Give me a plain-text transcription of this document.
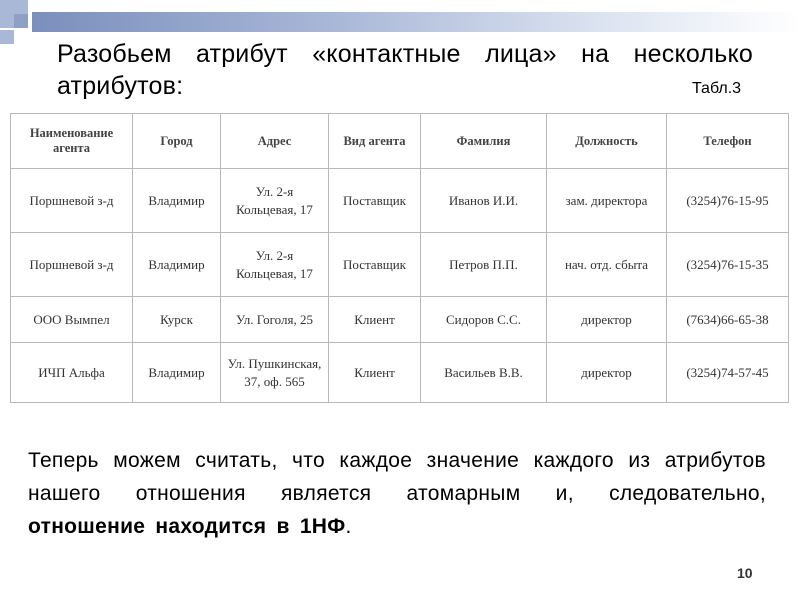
Разобьем атрибут «контактные лица» на несколько атрибутов:	Табл.3
Наименование агента	Город	Адрес	Вид агента	Фамилия	Должность	Телефон
Поршневой з-д	Владимир	Ул. 2-я Кольцевая, 17	Поставщик	Иванов И.И.	зам. директора	(3254)76-15-95
Поршневой з-д	Владимир	Ул. 2-я Кольцевая, 17	Поставщик	Петров П.П.	нач. отд. сбыта	(3254)76-15-35
ООО Вымпел	Курск	Ул. Гоголя, 25	Клиент	Сидоров С.С.	директор	(7634)66-65-38
ИЧП Альфа	Владимир	Ул. Пушкинская, 37, оф. 565	Клиент	Васильев В.В.	директор	(3254)74-57-45
Теперь можем считать, что каждое значение каждого из атрибутов нашего отношения является атомарным и, следовательно, отношение находится в 1НФ.
10
